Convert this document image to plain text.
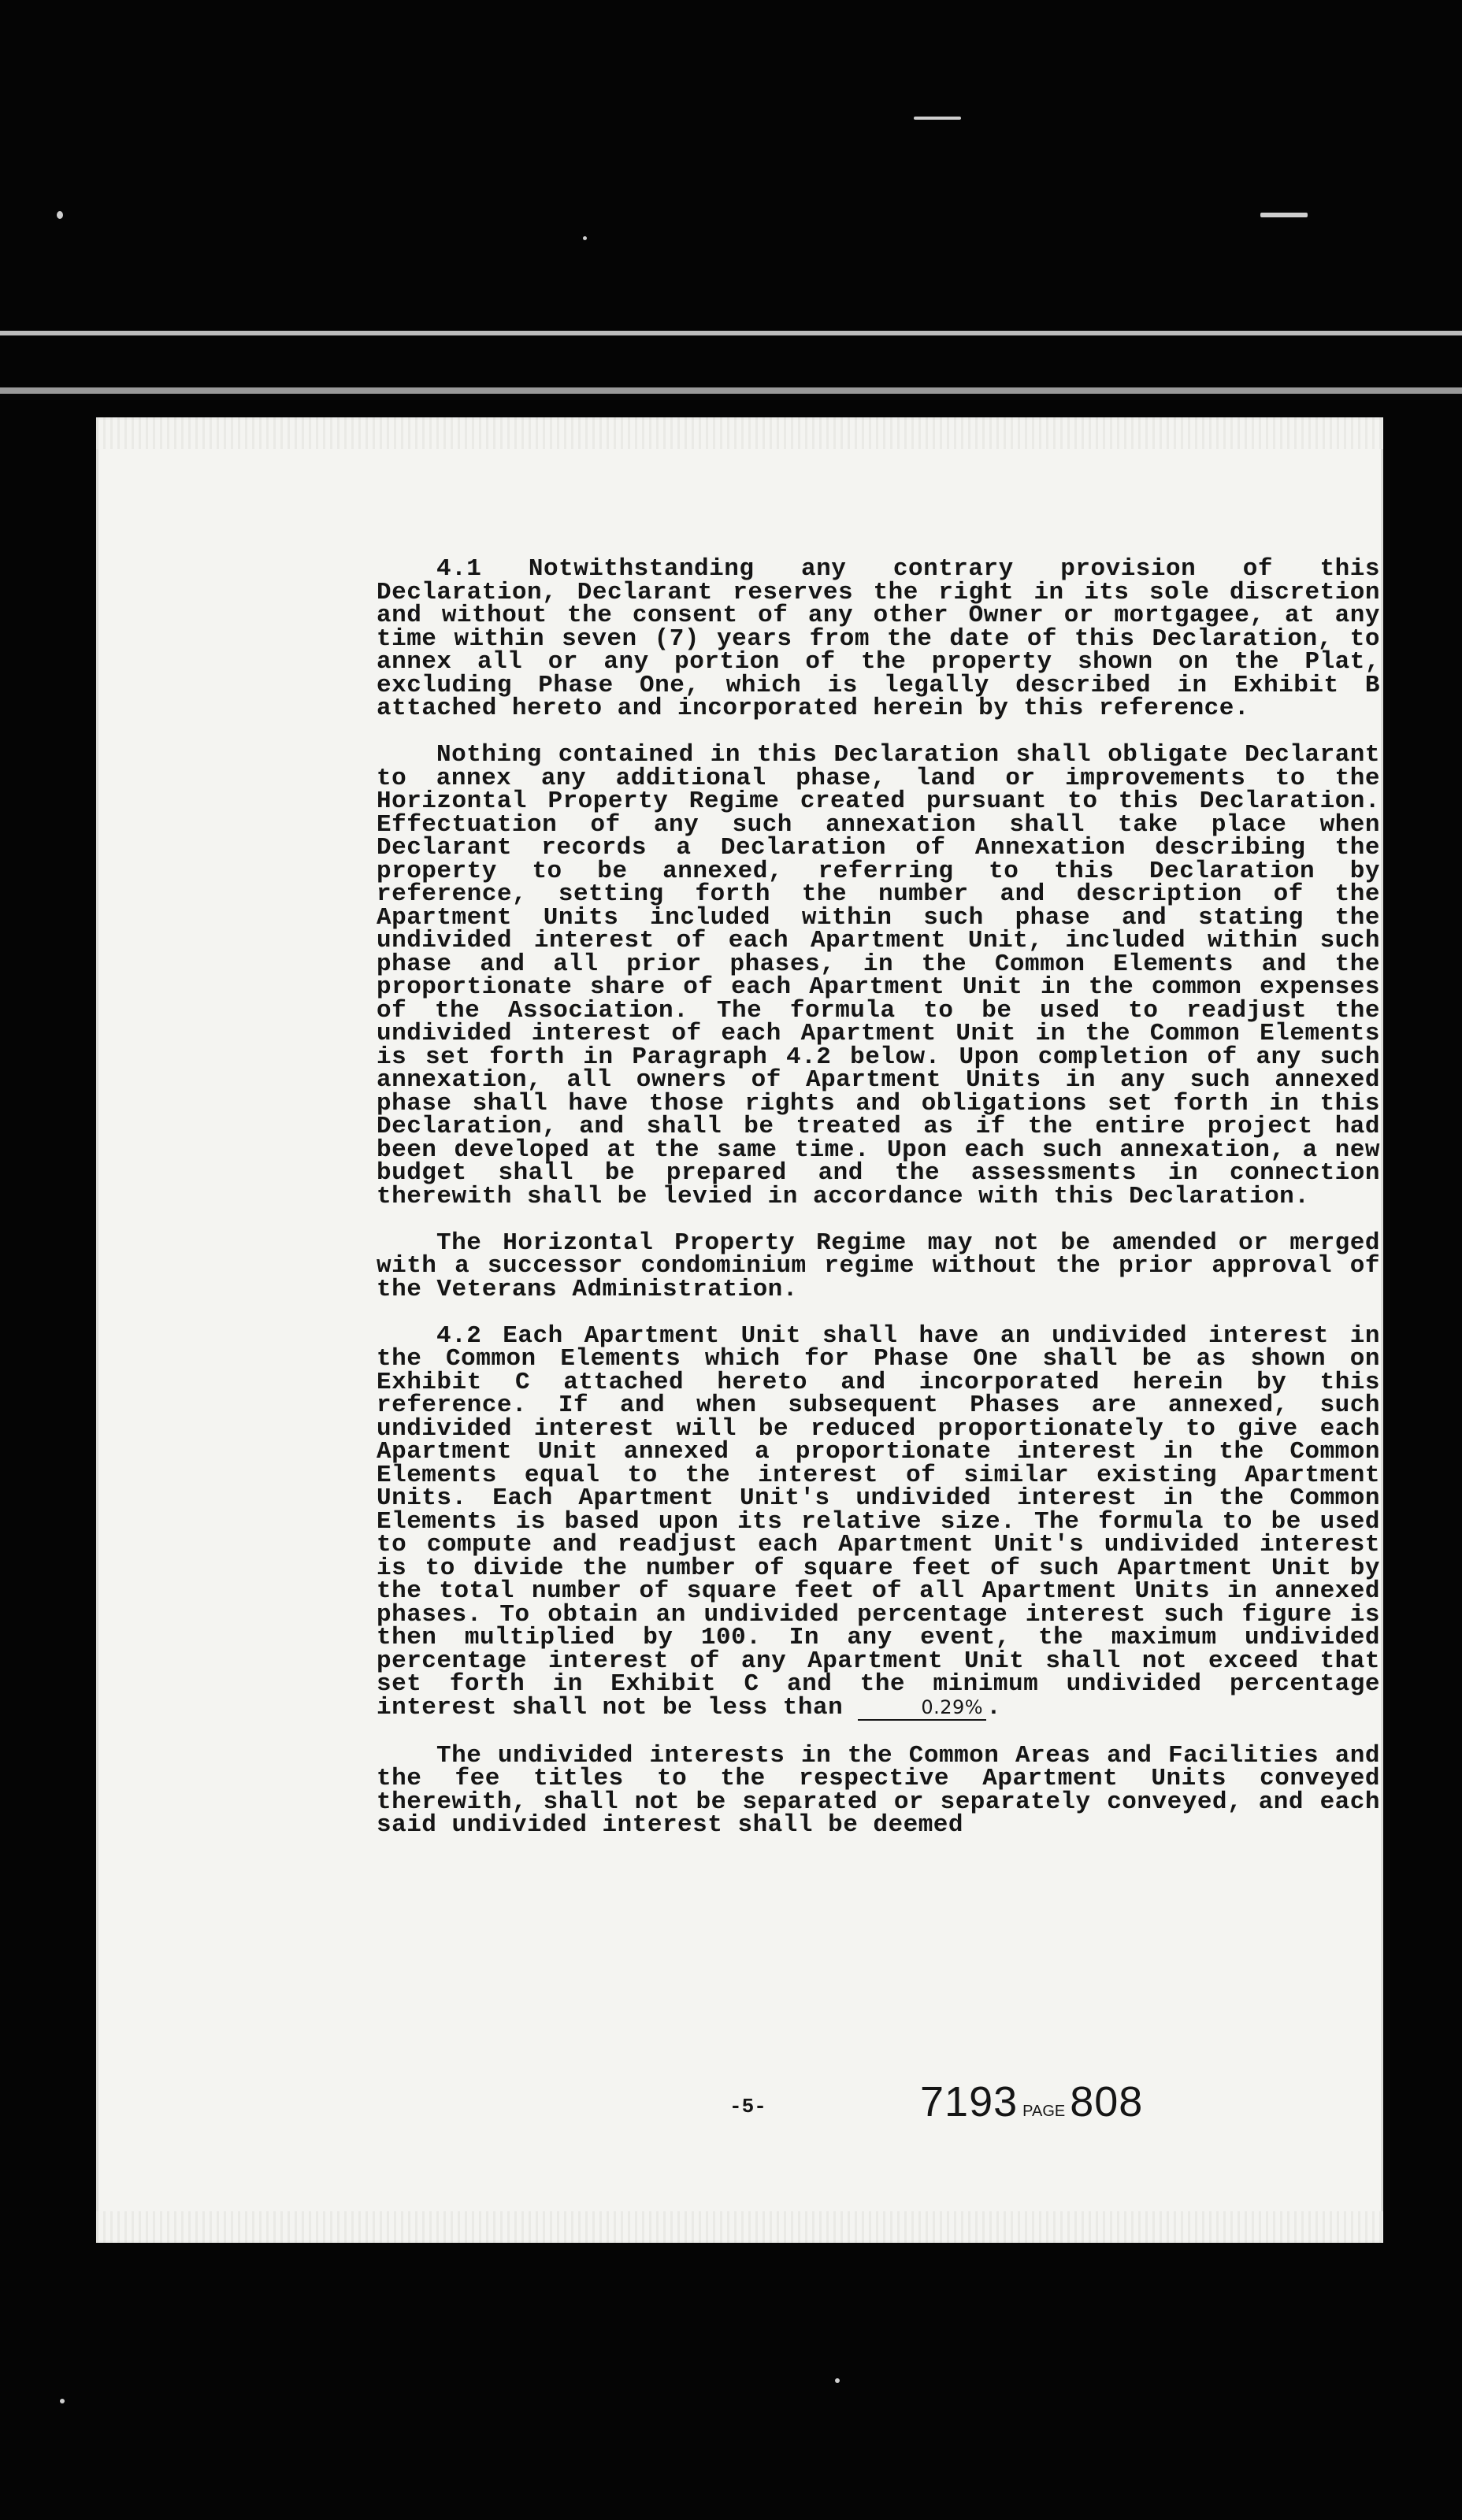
4.1 Notwithstanding any contrary provision of this Declaration, Declarant reserves the right in its sole discretion and without the consent of any other Owner or mortgagee, at any time within seven (7) years from the date of this Declaration, to annex all or any portion of the property shown on the Plat, excluding Phase One, which is legally described in Exhibit B attached hereto and incorporated herein by this reference.

Nothing contained in this Declaration shall obligate Declarant to annex any additional phase, land or improvements to the Horizontal Property Regime created pursuant to this Declaration. Effectuation of any such annexation shall take place when Declarant records a Declaration of Annexation describing the property to be annexed, referring to this Declaration by reference, setting forth the number and description of the Apartment Units included within such phase and stating the undivided interest of each Apartment Unit, included within such phase and all prior phases, in the Common Elements and the proportionate share of each Apartment Unit in the common expenses of the Association. The formula to be used to readjust the undivided interest of each Apartment Unit in the Common Elements is set forth in Paragraph 4.2 below. Upon completion of any such annexation, all owners of Apartment Units in any such annexed phase shall have those rights and obligations set forth in this Declaration, and shall be treated as if the entire project had been developed at the same time. Upon each such annexation, a new budget shall be prepared and the assessments in connection therewith shall be levied in accordance with this Declaration.

The Horizontal Property Regime may not be amended or merged with a successor condominium regime without the prior approval of the Veterans Administration.

4.2 Each Apartment Unit shall have an undivided interest in the Common Elements which for Phase One shall be as shown on Exhibit C attached hereto and incorporated herein by this reference. If and when subsequent Phases are annexed, such undivided interest will be reduced proportionately to give each Apartment Unit annexed a proportionate interest in the Common Elements equal to the interest of similar existing Apartment Units. Each Apartment Unit's undivided interest in the Common Elements is based upon its relative size. The formula to be used to compute and readjust each Apartment Unit's undivided interest is to divide the number of square feet of such Apartment Unit by the total number of square feet of all Apartment Units in annexed phases. To obtain an undivided percentage interest such figure is then multiplied by 100. In any event, the maximum undivided percentage interest of any Apartment Unit shall not exceed that set forth in Exhibit C and the minimum undivided percentage interest shall not be less than	0.29% .

The undivided interests in the Common Areas and Facilities and the fee titles to the respective Apartment Units conveyed therewith, shall not be separated or separately conveyed, and each said undivided interest shall be deemed

-5-	7193 PAGE 808
